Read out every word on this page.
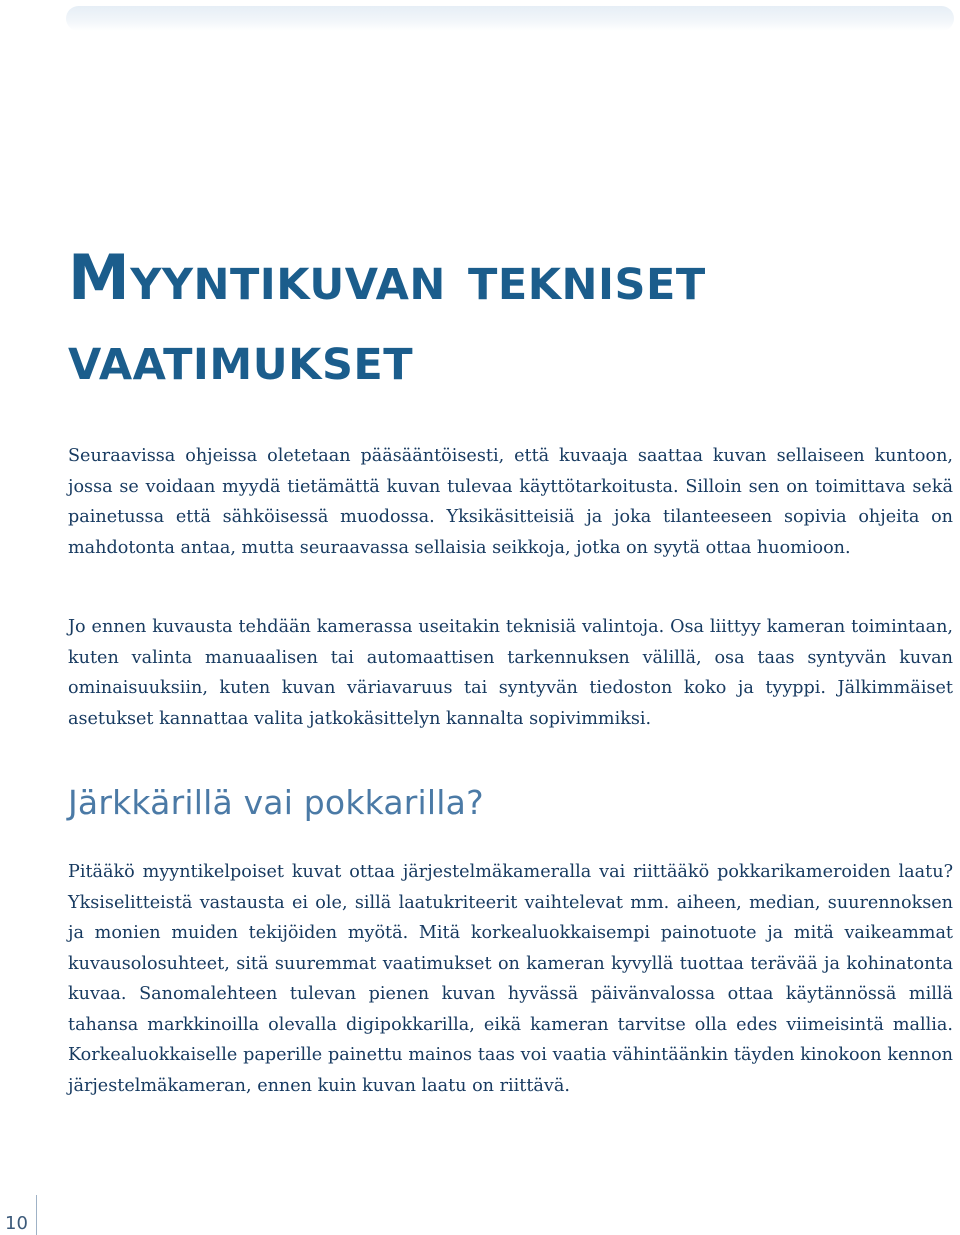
Myyntikuvan tekniset vaatimukset

Seuraavissa ohjeissa oletetaan pääsääntöisesti, että kuvaaja saattaa kuvan sellaiseen kuntoon, jossa se voidaan myydä tietämättä kuvan tulevaa käyttötarkoitusta. Silloin sen on toimittava sekä painetussa että sähköisessä muodossa. Yksikäsitteisiä ja joka tilanteeseen sopivia ohjeita on mahdotonta antaa, mutta seuraavassa sellaisia seikkoja, jotka on syytä ottaa huomioon.

Jo ennen kuvausta tehdään kamerassa useitakin teknisiä valintoja. Osa liittyy kameran toimintaan, kuten valinta manuaalisen tai automaattisen tarkennuksen välillä, osa taas syntyvän kuvan ominaisuuksiin, kuten kuvan väriavaruus tai syntyvän tiedoston koko ja tyyppi. Jälkimmäiset asetukset kannattaa valita jatkokäsittelyn kannalta sopivimmiksi.

Järkkärillä vai pokkarilla?

Pitääkö myyntikelpoiset kuvat ottaa järjestelmäkameralla vai riittääkö pokkarikameroiden laatu? Yksiselitteistä vastausta ei ole, sillä laatukriteerit vaihtelevat mm. aiheen, median, suurennoksen ja monien muiden tekijöiden myötä. Mitä korkealuokkaisempi painotuote ja mitä vaikeammat kuvausolosuhteet, sitä suuremmat vaatimukset on kameran kyvyllä tuottaa terävää ja kohinatonta kuvaa. Sanomalehteen tulevan pienen kuvan hyvässä päivänvalossa ottaa käytännössä millä tahansa markkinoilla olevalla digipokkarilla, eikä kameran tarvitse olla edes viimeisintä mallia. Korkealuokkaiselle paperille painettu mainos taas voi vaatia vähintäänkin täyden kinokoon kennon järjestelmäkameran, ennen kuin kuvan laatu on riittävä.

10
